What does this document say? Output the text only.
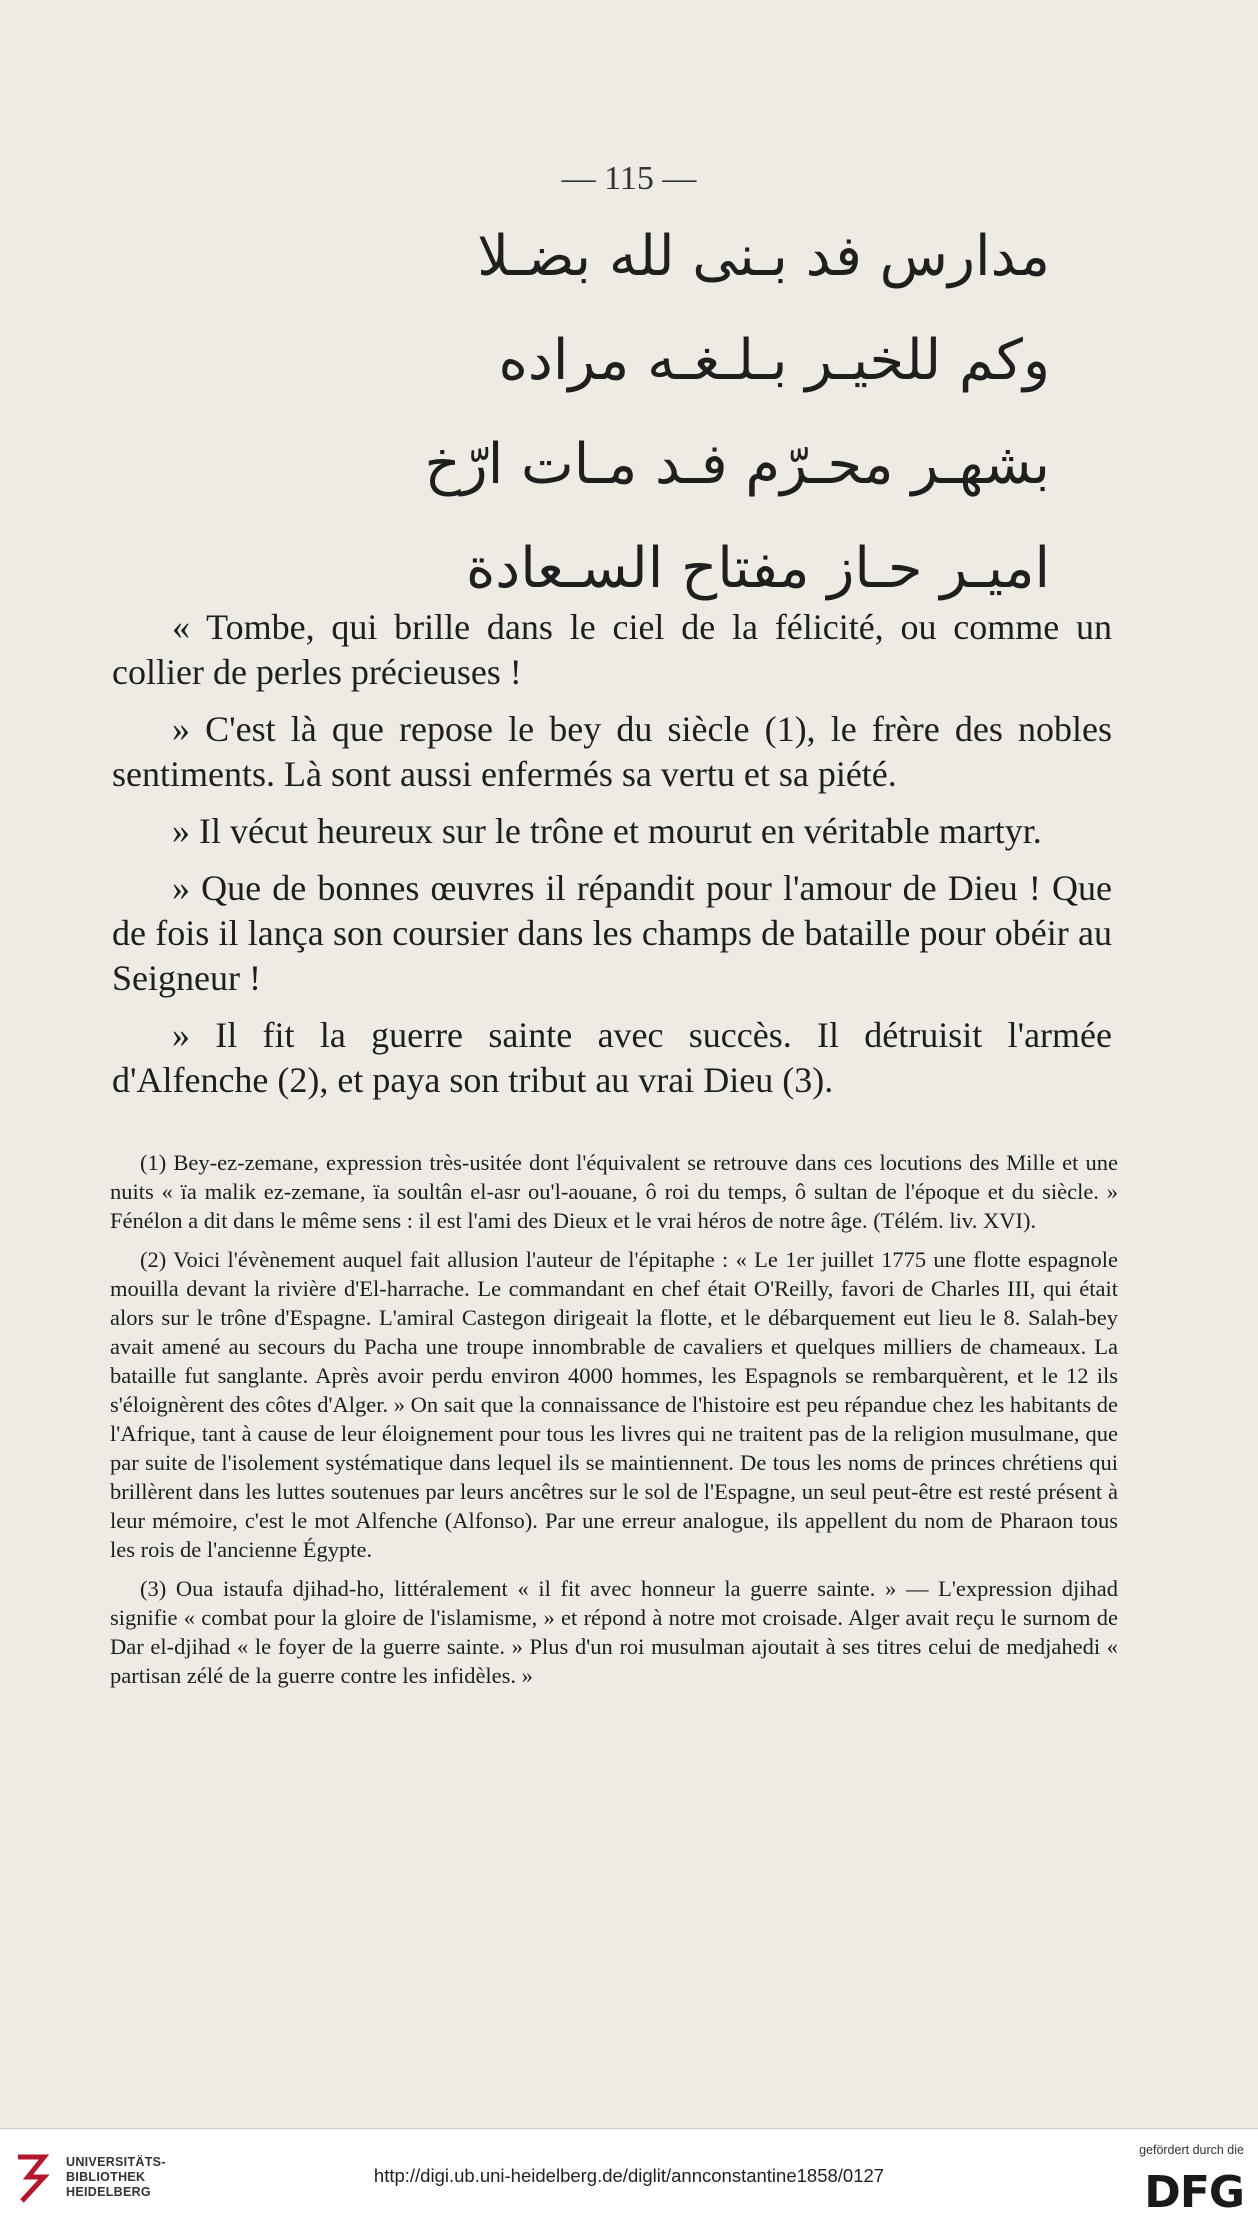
— 115 —
مدارس فد بـنى لله بضـلا
وكم للخيـر بـلـغـه مراده
بشهـر محـرّم فـد مـات ارّخ
اميـر حـاز مفتاح السـعادة

« Tombe, qui brille dans le ciel de la félicité, ou comme un collier de perles précieuses !

» C'est là que repose le bey du siècle (1), le frère des nobles sentiments. Là sont aussi enfermés sa vertu et sa piété.

» Il vécut heureux sur le trône et mourut en véritable martyr.

» Que de bonnes œuvres il répandit pour l'amour de Dieu ! Que de fois il lança son coursier dans les champs de bataille pour obéir au Seigneur !

» Il fit la guerre sainte avec succès. Il détruisit l'armée d'Alfenche (2), et paya son tribut au vrai Dieu (3).

(1) Bey-ez-zemane, expression très-usitée dont l'équivalent se retrouve dans ces locutions des Mille et une nuits « ïa malik ez-zemane, ïa soultân el-asr ou'l-aouane, ô roi du temps, ô sultan de l'époque et du siècle. » Fénélon a dit dans le même sens : il est l'ami des Dieux et le vrai héros de notre âge. (Télém. liv. XVI).

(2) Voici l'évènement auquel fait allusion l'auteur de l'épitaphe : « Le 1er juillet 1775 une flotte espagnole mouilla devant la rivière d'El-harrache. Le commandant en chef était O'Reilly, favori de Charles III, qui était alors sur le trône d'Espagne. L'amiral Castegon dirigeait la flotte, et le débarquement eut lieu le 8. Salah-bey avait amené au secours du Pacha une troupe innombrable de cavaliers et quelques milliers de chameaux. La bataille fut sanglante. Après avoir perdu environ 4000 hommes, les Espagnols se rembarquèrent, et le 12 ils s'éloignèrent des côtes d'Alger. » On sait que la connaissance de l'histoire est peu répandue chez les habitants de l'Afrique, tant à cause de leur éloignement pour tous les livres qui ne traitent pas de la religion musulmane, que par suite de l'isolement systématique dans lequel ils se maintiennent. De tous les noms de princes chrétiens qui brillèrent dans les luttes soutenues par leurs ancêtres sur le sol de l'Espagne, un seul peut-être est resté présent à leur mémoire, c'est le mot Alfenche (Alfonso). Par une erreur analogue, ils appellent du nom de Pharaon tous les rois de l'ancienne Égypte.

(3) Oua istaufa djihad-ho, littéralement « il fit avec honneur la guerre sainte. » — L'expression djihad signifie « combat pour la gloire de l'islamisme, » et répond à notre mot croisade. Alger avait reçu le surnom de Dar el-djihad « le foyer de la guerre sainte. » Plus d'un roi musulman ajoutait à ses titres celui de medjahedi « partisan zélé de la guerre contre les infidèles. »

UNIVERSITÄTS-
BIBLIOTHEK
HEIDELBERG
http://digi.ub.uni-heidelberg.de/diglit/annconstantine1858/0127
gefördert durch die
DFG
